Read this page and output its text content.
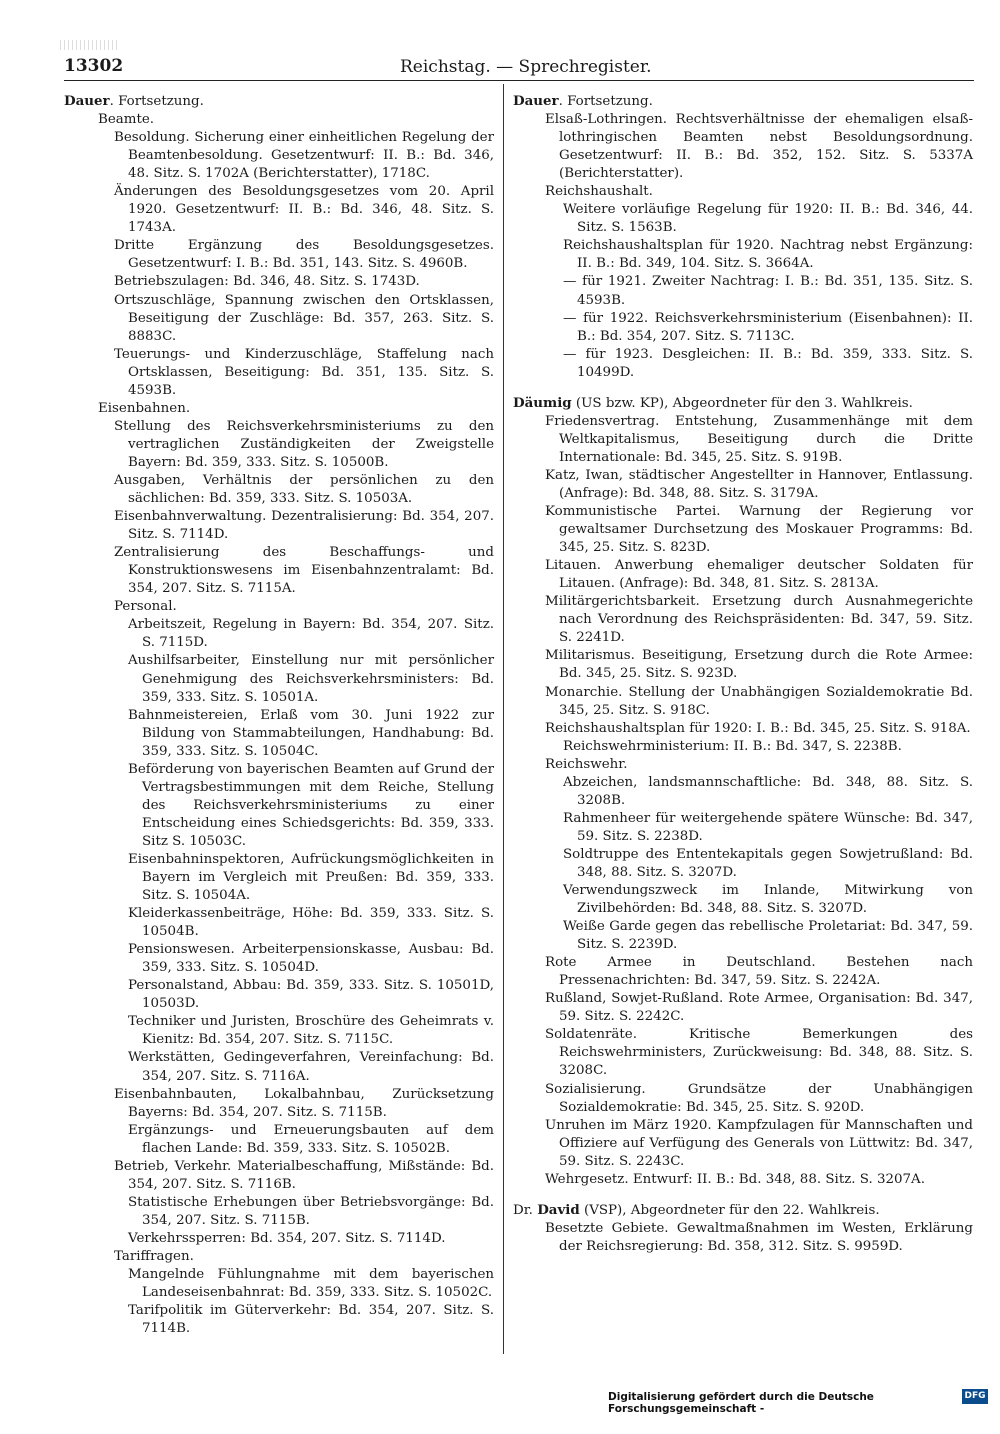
13302	Reichstag. — Sprechregister.
Dauer. Fortsetzung.
Beamte.
Besoldung. Sicherung einer einheitlichen Regelung der Beamtenbesoldung. Gesetzentwurf: II. B.: Bd. 346, 48. Sitz. S. 1702A (Berichterstatter), 1718C.
Änderungen des Besoldungsgesetzes vom 20. April 1920. Gesetzentwurf: II. B.: Bd. 346, 48. Sitz. S. 1743A.
Dritte Ergänzung des Besoldungsgesetzes. Gesetzentwurf: I. B.: Bd. 351, 143. Sitz. S. 4960B.
Betriebszulagen: Bd. 346, 48. Sitz. S. 1743D.
Ortszuschläge, Spannung zwischen den Ortsklassen, Beseitigung der Zuschläge: Bd. 357, 263. Sitz. S. 8883C.
Teuerungs- und Kinderzuschläge, Staffelung nach Ortsklassen, Beseitigung: Bd. 351, 135. Sitz. S. 4593B.
Eisenbahnen.
Stellung des Reichsverkehrsministeriums zu den vertraglichen Zuständigkeiten der Zweigstelle Bayern: Bd. 359, 333. Sitz. S. 10500B.
Ausgaben, Verhältnis der persönlichen zu den sächlichen: Bd. 359, 333. Sitz. S. 10503A.
Eisenbahnverwaltung. Dezentralisierung: Bd. 354, 207. Sitz. S. 7114D.
Zentralisierung des Beschaffungs- und Konstruktionswesens im Eisenbahnzentralamt: Bd. 354, 207. Sitz. S. 7115A.
Personal.
Arbeitszeit, Regelung in Bayern: Bd. 354, 207. Sitz. S. 7115D.
Aushilfsarbeiter, Einstellung nur mit persönlicher Genehmigung des Reichsverkehrsministers: Bd. 359, 333. Sitz. S. 10501A.
Bahnmeistereien, Erlaß vom 30. Juni 1922 zur Bildung von Stammabteilungen, Handhabung: Bd. 359, 333. Sitz. S. 10504C.
Beförderung von bayerischen Beamten auf Grund der Vertragsbestimmungen mit dem Reiche, Stellung des Reichsverkehrsministeriums zu einer Entscheidung eines Schiedsgerichts: Bd. 359, 333. Sitz S. 10503C.
Eisenbahninspektoren, Aufrückungsmöglichkeiten in Bayern im Vergleich mit Preußen: Bd. 359, 333. Sitz. S. 10504A.
Kleiderkassenbeiträge, Höhe: Bd. 359, 333. Sitz. S. 10504B.
Pensionswesen. Arbeiterpensionskasse, Ausbau: Bd. 359, 333. Sitz. S. 10504D.
Personalstand, Abbau: Bd. 359, 333. Sitz. S. 10501D, 10503D.
Techniker und Juristen, Broschüre des Geheimrats v. Kienitz: Bd. 354, 207. Sitz. S. 7115C.
Werkstätten, Gedingeverfahren, Vereinfachung: Bd. 354, 207. Sitz. S. 7116A.
Eisenbahnbauten, Lokalbahnbau, Zurücksetzung Bayerns: Bd. 354, 207. Sitz. S. 7115B.
Ergänzungs- und Erneuerungsbauten auf dem flachen Lande: Bd. 359, 333. Sitz. S. 10502B.
Betrieb, Verkehr. Materialbeschaffung, Mißstände: Bd. 354, 207. Sitz. S. 7116B.
Statistische Erhebungen über Betriebsvorgänge: Bd. 354, 207. Sitz. S. 7115B.
Verkehrssperren: Bd. 354, 207. Sitz. S. 7114D.
Tariffragen.
Mangelnde Fühlungnahme mit dem bayerischen Landeseisenbahnrat: Bd. 359, 333. Sitz. S. 10502C.
Tarifpolitik im Güterverkehr: Bd. 354, 207. Sitz. S. 7114B.
Dauer. Fortsetzung.
Elsaß-Lothringen. Rechtsverhältnisse der ehemaligen elsaß-lothringischen Beamten nebst Besoldungsordnung. Gesetzentwurf: II. B.: Bd. 352, 152. Sitz. S. 5337A (Berichterstatter).
Reichshaushalt.
Weitere vorläufige Regelung für 1920: II. B.: Bd. 346, 44. Sitz. S. 1563B.
Reichshaushaltsplan für 1920. Nachtrag nebst Ergänzung: II. B.: Bd. 349, 104. Sitz. S. 3664A.
— für 1921. Zweiter Nachtrag: I. B.: Bd. 351, 135. Sitz. S. 4593B.
— für 1922. Reichsverkehrsministerium (Eisenbahnen): II. B.: Bd. 354, 207. Sitz. S. 7113C.
— für 1923. Desgleichen: II. B.: Bd. 359, 333. Sitz. S. 10499D.
Däumig (US bzw. KP), Abgeordneter für den 3. Wahlkreis.
Friedensvertrag. Entstehung, Zusammenhänge mit dem Weltkapitalismus, Beseitigung durch die Dritte Internationale: Bd. 345, 25. Sitz. S. 919B.
Katz, Iwan, städtischer Angestellter in Hannover, Entlassung. (Anfrage): Bd. 348, 88. Sitz. S. 3179A.
Kommunistische Partei. Warnung der Regierung vor gewaltsamer Durchsetzung des Moskauer Programms: Bd. 345, 25. Sitz. S. 823D.
Litauen. Anwerbung ehemaliger deutscher Soldaten für Litauen. (Anfrage): Bd. 348, 81. Sitz. S. 2813A.
Militärgerichtsbarkeit. Ersetzung durch Ausnahmegerichte nach Verordnung des Reichspräsidenten: Bd. 347, 59. Sitz. S. 2241D.
Militarismus. Beseitigung, Ersetzung durch die Rote Armee: Bd. 345, 25. Sitz. S. 923D.
Monarchie. Stellung der Unabhängigen Sozialdemokratie Bd. 345, 25. Sitz. S. 918C.
Reichshaushaltsplan für 1920: I. B.: Bd. 345, 25. Sitz. S. 918A.
Reichswehrministerium: II. B.: Bd. 347, S. 2238B.
Reichswehr.
Abzeichen, landsmannschaftliche: Bd. 348, 88. Sitz. S. 3208B.
Rahmenheer für weitergehende spätere Wünsche: Bd. 347, 59. Sitz. S. 2238D.
Soldtruppe des Ententekapitals gegen Sowjetrußland: Bd. 348, 88. Sitz. S. 3207D.
Verwendungszweck im Inlande, Mitwirkung von Zivilbehörden: Bd. 348, 88. Sitz. S. 3207D.
Weiße Garde gegen das rebellische Proletariat: Bd. 347, 59. Sitz. S. 2239D.
Rote Armee in Deutschland. Bestehen nach Pressenachrichten: Bd. 347, 59. Sitz. S. 2242A.
Rußland, Sowjet-Rußland. Rote Armee, Organisation: Bd. 347, 59. Sitz. S. 2242C.
Soldatenräte. Kritische Bemerkungen des Reichswehrministers, Zurückweisung: Bd. 348, 88. Sitz. S. 3208C.
Sozialisierung. Grundsätze der Unabhängigen Sozialdemokratie: Bd. 345, 25. Sitz. S. 920D.
Unruhen im März 1920. Kampfzulagen für Mannschaften und Offiziere auf Verfügung des Generals von Lüttwitz: Bd. 347, 59. Sitz. S. 2243C.
Wehrgesetz. Entwurf: II. B.: Bd. 348, 88. Sitz. S. 3207A.
Dr. David (VSP), Abgeordneter für den 22. Wahlkreis.
Besetzte Gebiete. Gewaltmaßnahmen im Westen, Erklärung der Reichsregierung: Bd. 358, 312. Sitz. S. 9959D.
Digitalisierung gefördert durch die Deutsche Forschungsgemeinschaft -
DFG
